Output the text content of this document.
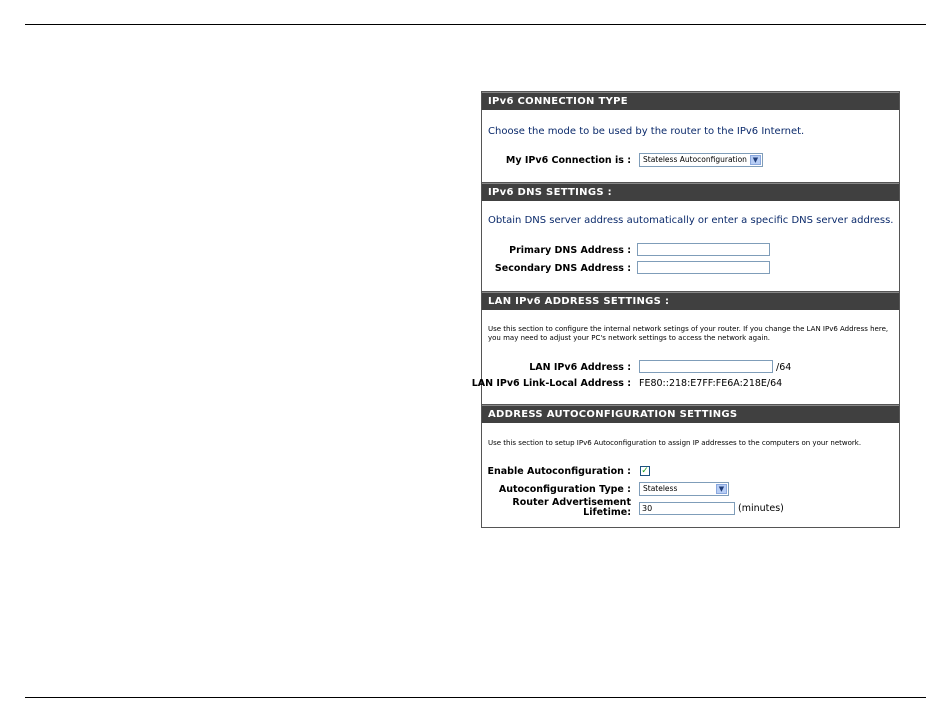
IPv6 CONNECTION TYPE
Choose the mode to be used by the router to the IPv6 Internet.
My IPv6 Connection is :	Stateless Autoconfiguration ▼
IPv6 DNS SETTINGS :
Obtain DNS server address automatically or enter a specific DNS server address.
Primary DNS Address :
Secondary DNS Address :
LAN IPv6 ADDRESS SETTINGS :
Use this section to configure the internal network setings of your router. If you change the LAN IPv6 Address here, you may need to adjust your PC's network settings to access the network again.
LAN IPv6 Address :	/64
LAN IPv6 Link-Local Address : FE80::218:E7FF:FE6A:218E/64
ADDRESS AUTOCONFIGURATION SETTINGS
Use this section to setup IPv6 Autoconfiguration to assign IP addresses to the computers on your network.
Enable Autoconfiguration : ✓
Autoconfiguration Type :	Stateless	▼
Router Advertisement
Lifetime:
30	(minutes)
